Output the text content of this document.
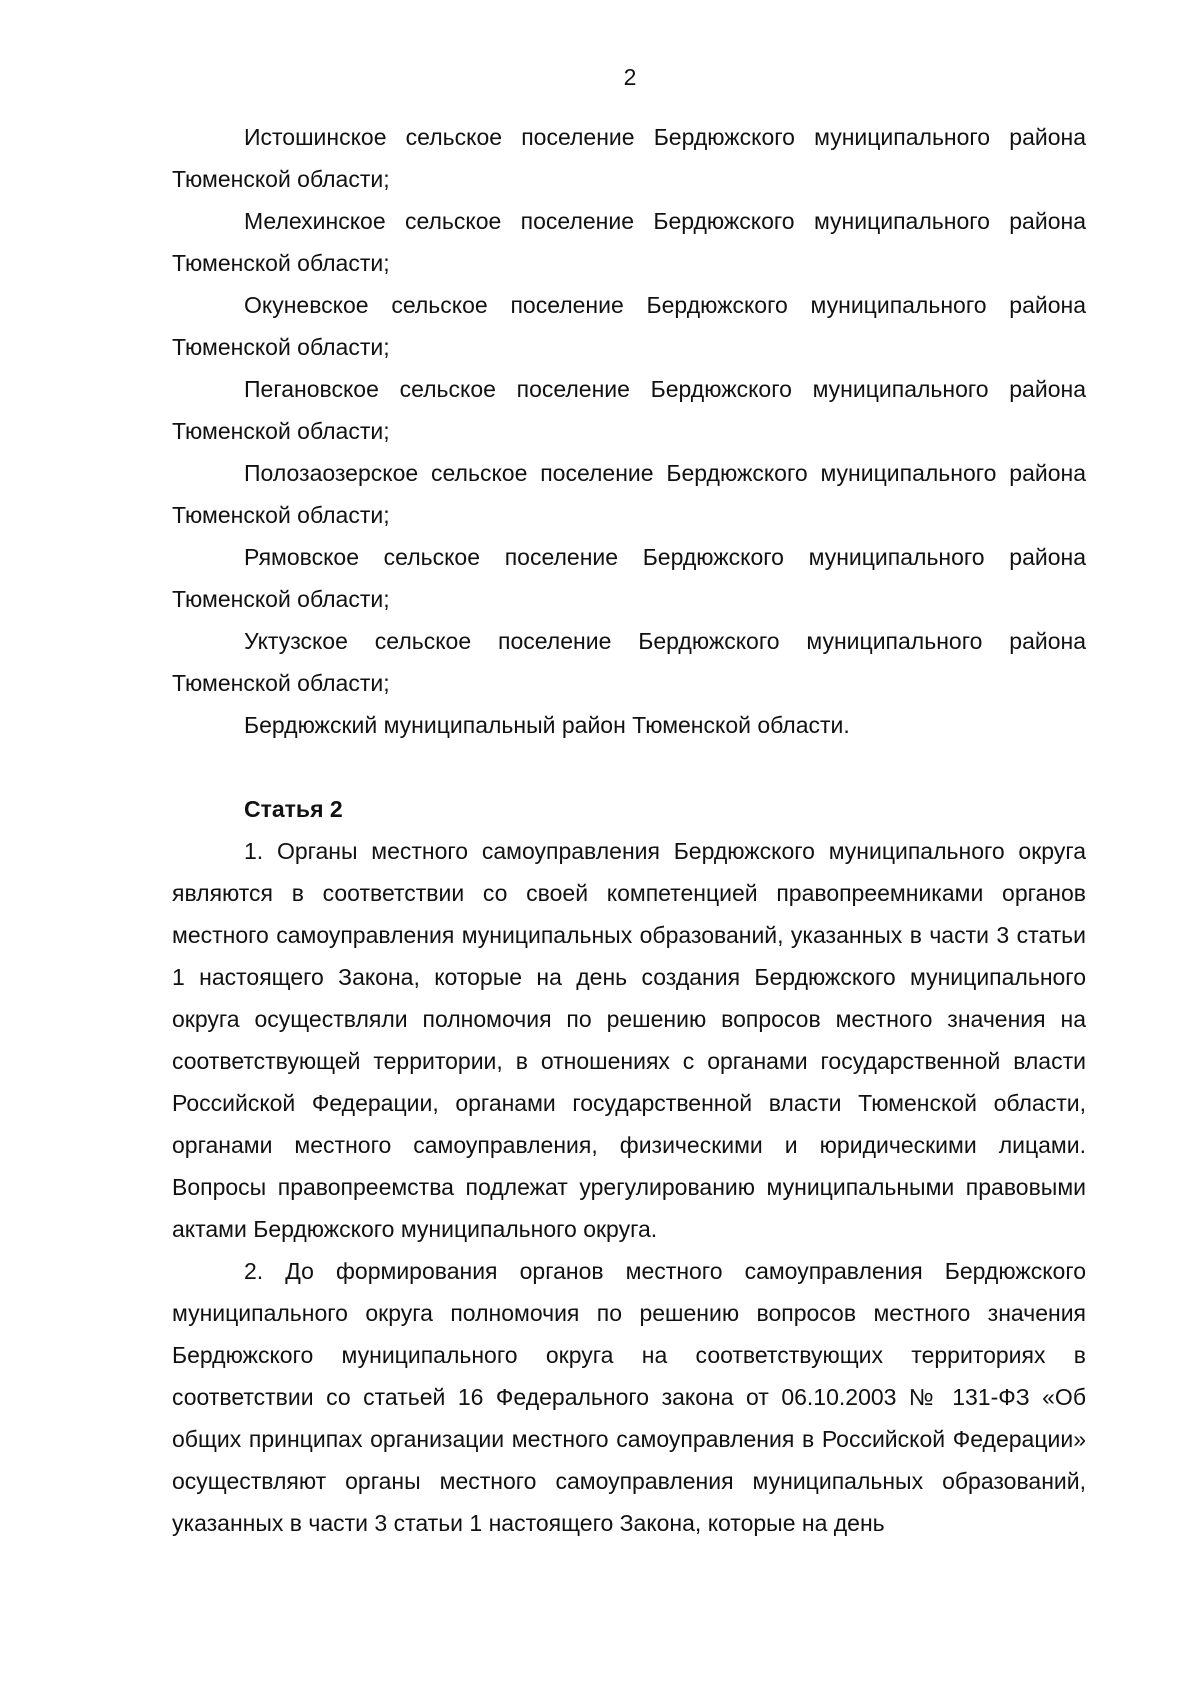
2

Истошинское сельское поселение Бердюжского муниципального района Тюменской области;

Мелехинское сельское поселение Бердюжского муниципального района Тюменской области;

Окуневское сельское поселение Бердюжского муниципального района Тюменской области;

Пегановское сельское поселение Бердюжского муниципального района Тюменской области;

Полозаозерское сельское поселение Бердюжского муниципального района Тюменской области;

Рямовское сельское поселение Бердюжского муниципального района Тюменской области;

Уктузское сельское поселение Бердюжского муниципального района Тюменской области;

Бердюжский муниципальный район Тюменской области.

Статья 2

1. Органы местного самоуправления Бердюжского муниципального округа являются в соответствии со своей компетенцией правопреемниками органов местного самоуправления муниципальных образований, указанных в части 3 статьи 1 настоящего Закона, которые на день создания Бердюжского муниципального округа осуществляли полномочия по решению вопросов местного значения на соответствующей территории, в отношениях с органами государственной власти Российской Федерации, органами государственной власти Тюменской области, органами местного самоуправления, физическими и юридическими лицами. Вопросы правопреемства подлежат урегулированию муниципальными правовыми актами Бердюжского муниципального округа.

2. До формирования органов местного самоуправления Бердюжского муниципального округа полномочия по решению вопросов местного значения Бердюжского муниципального округа на соответствующих территориях в соответствии со статьей 16 Федерального закона от 06.10.2003 № 131-ФЗ «Об общих принципах организации местного самоуправления в Российской Федерации» осуществляют органы местного самоуправления муниципальных образований, указанных в части 3 статьи 1 настоящего Закона, которые на день
